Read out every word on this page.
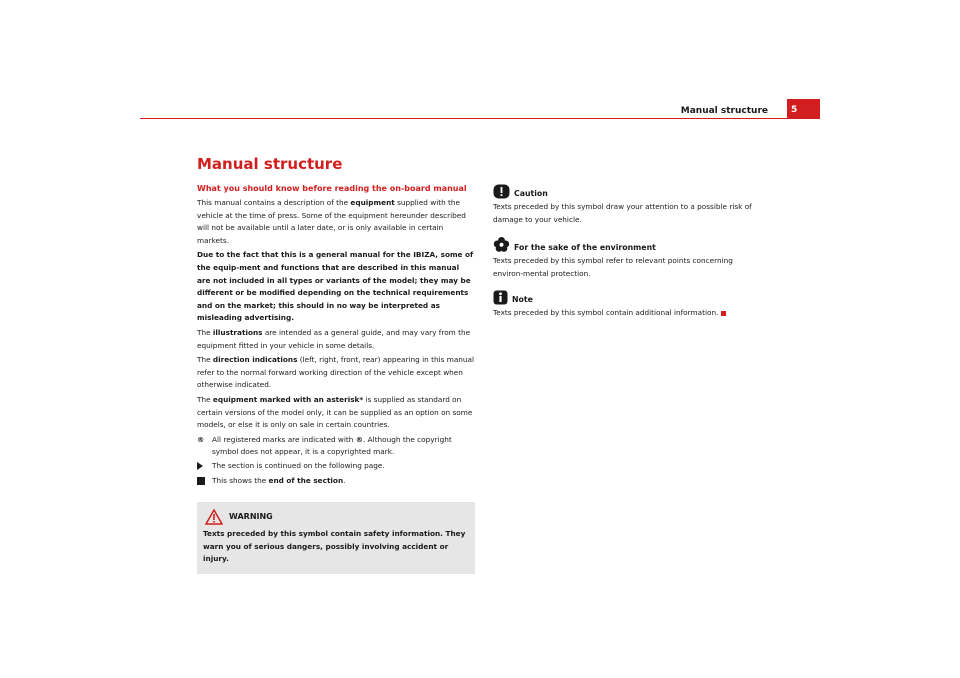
Manual structure	5
Manual structure
What you should know before reading the on-board manual

This manual contains a description of the equipment supplied with the vehicle at the time of press. Some of the equipment hereunder described will not be available until a later date, or is only available in certain markets.

Due to the fact that this is a general manual for the IBIZA, some of the equip-ment and functions that are described in this manual are not included in all types or variants of the model; they may be different or be modified depending on the technical requirements and on the market; this should in no way be interpreted as misleading advertising.

The illustrations are intended as a general guide, and may vary from the equipment fitted in your vehicle in some details.

The direction indications (left, right, front, rear) appearing in this manual refer to the normal forward working direction of the vehicle except when otherwise indicated.

The equipment marked with an asterisk* is supplied as standard on certain versions of the model only, it can be supplied as an option on some models, or else it is only on sale in certain countries.

®	All registered marks are indicated with ®. Although the copyright symbol does not appear, it is a copyrighted mark.
The section is continued on the following page.
This shows the end of the section.
WARNING

Texts preceded by this symbol contain safety information. They warn you of serious dangers, possibly involving accident or injury.

Caution

Texts preceded by this symbol draw your attention to a possible risk of damage to your vehicle.

For the sake of the environment

Texts preceded by this symbol refer to relevant points concerning environ-mental protection.

Note

Texts preceded by this symbol contain additional information.
